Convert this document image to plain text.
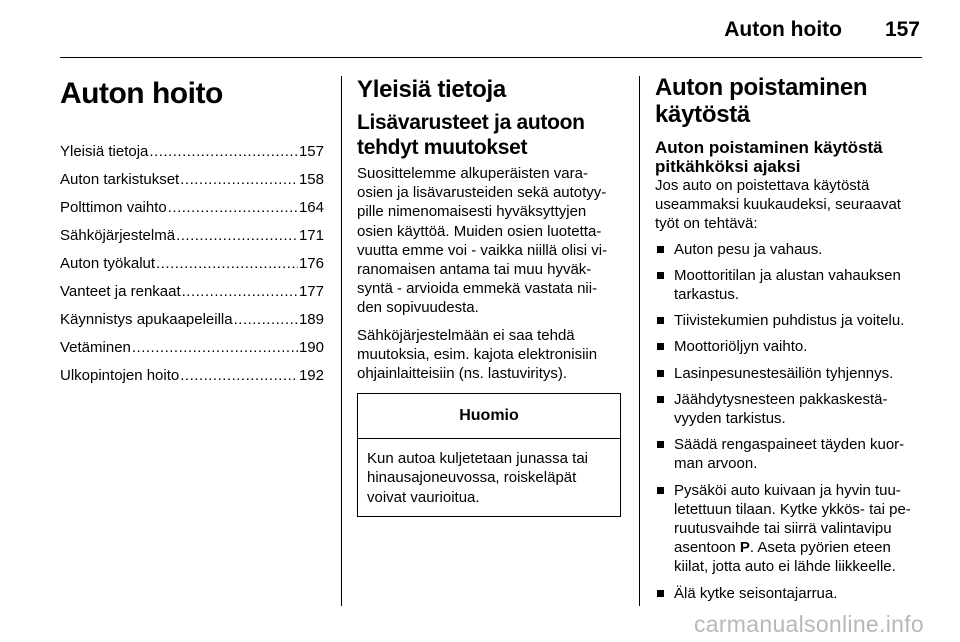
Auton hoito 157
Auton hoito
Yleisiä tietoja .....	157
Auton tarkistukset .....	158
Polttimon vaihto .....	164
Sähköjärjestelmä .....	171
Auton työkalut .....	176
Vanteet ja renkaat .....	177
Käynnistys apukaapeleilla .....	189
Vetäminen .....	190
Ulkopintojen hoito .....	192
Yleisiä tietoja
Lisävarusteet ja autoon tehdyt muutokset

Suosittelemme alkuperäisten vara-osien ja lisävarusteiden sekä autotyy-pille nimenomaisesti hyväksyttyjen osien käyttöä. Muiden osien luotetta-vuutta emme voi - vaikka niillä olisi vi-ranomaisen antama tai muu hyväk-syntä - arvioida emmekä vastata nii-den sopivuudesta.

Sähköjärjestelmään ei saa tehdä muutoksia, esim. kajota elektronisiin ohjainlaitteisiin (ns. lastuviritys).

Huomio
Kun autoa kuljetetaan junassa tai hinausajoneuvossa, roiskeläpät voivat vaurioitua.
Auton poistaminen käytöstä
Auton poistaminen käytöstä pitkähköksi ajaksi

Jos auto on poistettava käytöstä useammaksi kuukaudeksi, seuraavat työt on tehtävä:

Auton pesu ja vahaus.
Moottoritilan ja alustan vahauksen tarkastus.
Tiivistekumien puhdistus ja voitelu.
Moottoriöljyn vaihto.
Lasinpesunestesäiliön tyhjennys.
Jäähdytysnesteen pakkaskestä-vyyden tarkistus.
Säädä rengaspaineet täyden kuor-man arvoon.
Pysäköi auto kuivaan ja hyvin tuu-letettuun tilaan. Kytke ykkös- tai pe-ruutusvaihde tai siirrä valintavipu asentoon P. Aseta pyörien eteen kiilat, jotta auto ei lähde liikkeelle.
Älä kytke seisontajarrua.
carmanualsonline.info
